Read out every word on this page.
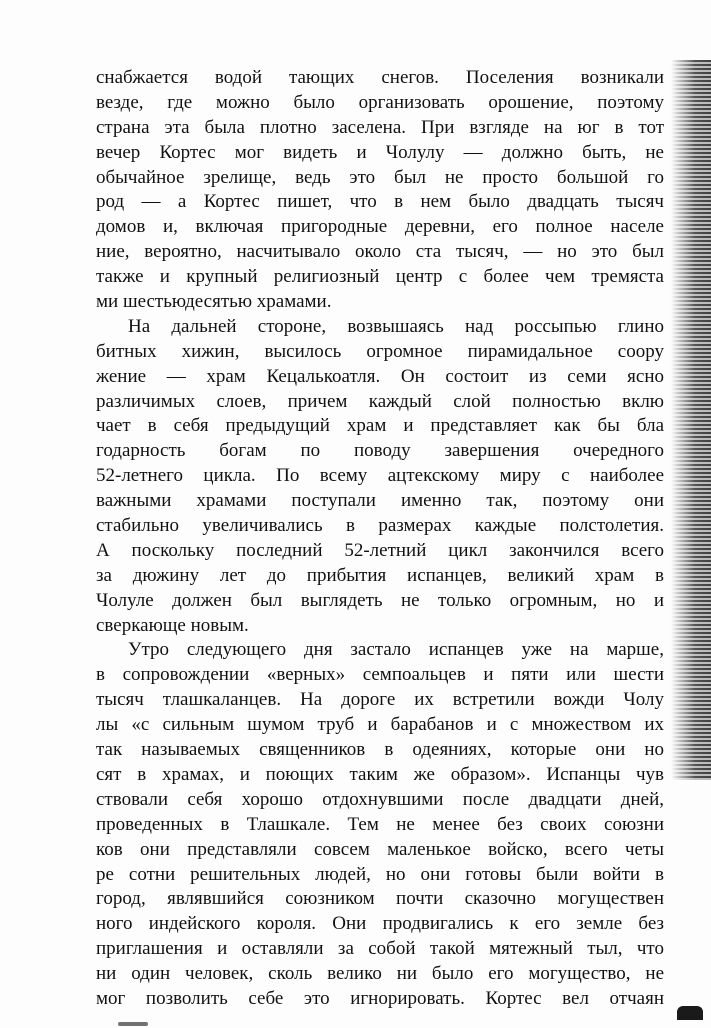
снабжается водой тающих снегов. Поселения возникали
везде, где можно было организовать орошение, поэтому
страна эта была плотно заселена. При взгляде на юг в тот
вечер Кортес мог видеть и Чолулу — должно быть, не
обычайное зрелище, ведь это был не просто большой го
род — а Кортес пишет, что в нем было двадцать тысяч
домов и, включая пригородные деревни, его полное населе
ние, вероятно, насчитывало около ста тысяч, — но это был
также и крупный религиозный центр с более чем тремяста
ми шестьюдесятью храмами.
На дальней стороне, возвышаясь над россыпью глино
битных хижин, высилось огромное пирамидальное соору
жение — храм Кецалькоатля. Он состоит из семи ясно
различимых слоев, причем каждый слой полностью вклю
чает в себя предыдущий храм и представляет как бы бла
годарность богам по поводу завершения очередного
52-летнего цикла. По всему ацтекскому миру с наиболее
важными храмами поступали именно так, поэтому они
стабильно увеличивались в размерах каждые полстолетия.
А поскольку последний 52-летний цикл закончился всего
за дюжину лет до прибытия испанцев, великий храм в
Чолуле должен был выглядеть не только огромным, но и
сверкающе новым.
Утро следующего дня застало испанцев уже на марше,
в сопровождении «верных» семпоальцев и пяти или шести
тысяч тлашкаланцев. На дороге их встретили вожди Чолу
лы «с сильным шумом труб и барабанов и с множеством их
так называемых священников в одеяниях, которые они но
сят в храмах, и поющих таким же образом». Испанцы чув
ствовали себя хорошо отдохнувшими после двадцати дней,
проведенных в Тлашкале. Тем не менее без своих союзни
ков они представляли совсем маленькое войско, всего четы
ре сотни решительных людей, но они готовы были войти в
город, являвшийся союзником почти сказочно могуществен
ного индейского короля. Они продвигались к его земле без
приглашения и оставляли за собой такой мятежный тыл, что
ни один человек, сколь велико ни было его могущество, не
мог позволить себе это игнорировать. Кортес вел отчаян
